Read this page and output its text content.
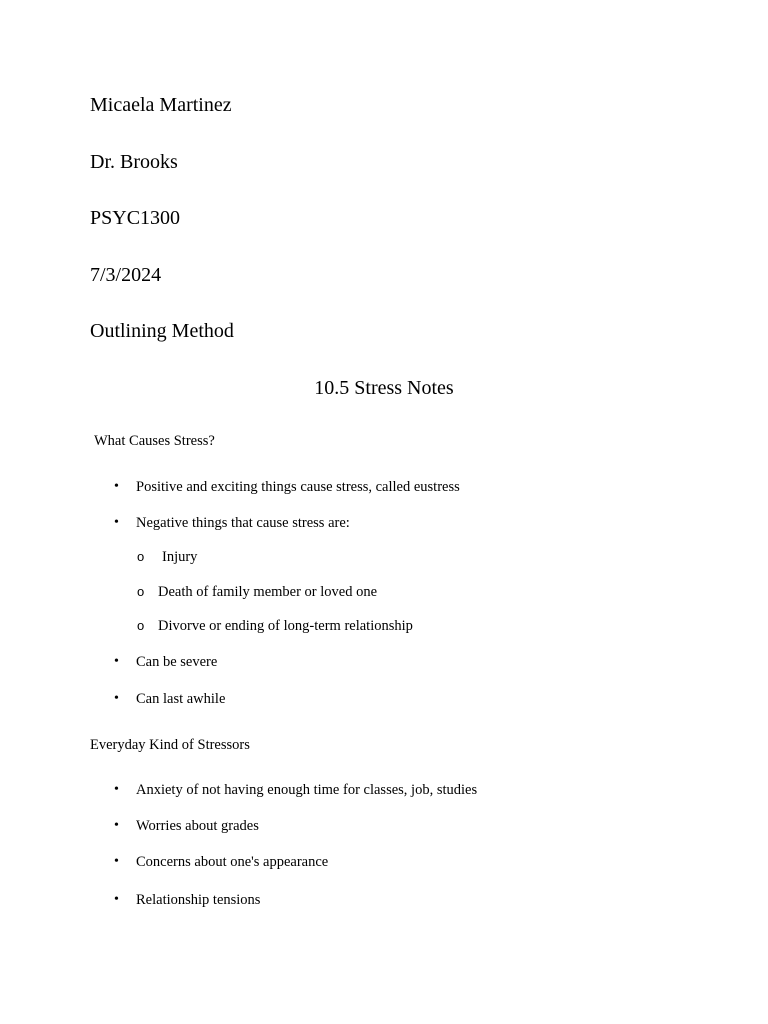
Micaela Martinez
Dr. Brooks
PSYC1300
7/3/2024
Outlining Method
10.5 Stress Notes
What Causes Stress?
• Positive and exciting things cause stress, called eustress
• Negative things that cause stress are:
o Injury
o Death of family member or loved one
o Divorve or ending of long-term relationship
• Can be severe
• Can last awhile
Everyday Kind of Stressors
• Anxiety of not having enough time for classes, job, studies
• Worries about grades
• Concerns about one's appearance
• Relationship tensions
